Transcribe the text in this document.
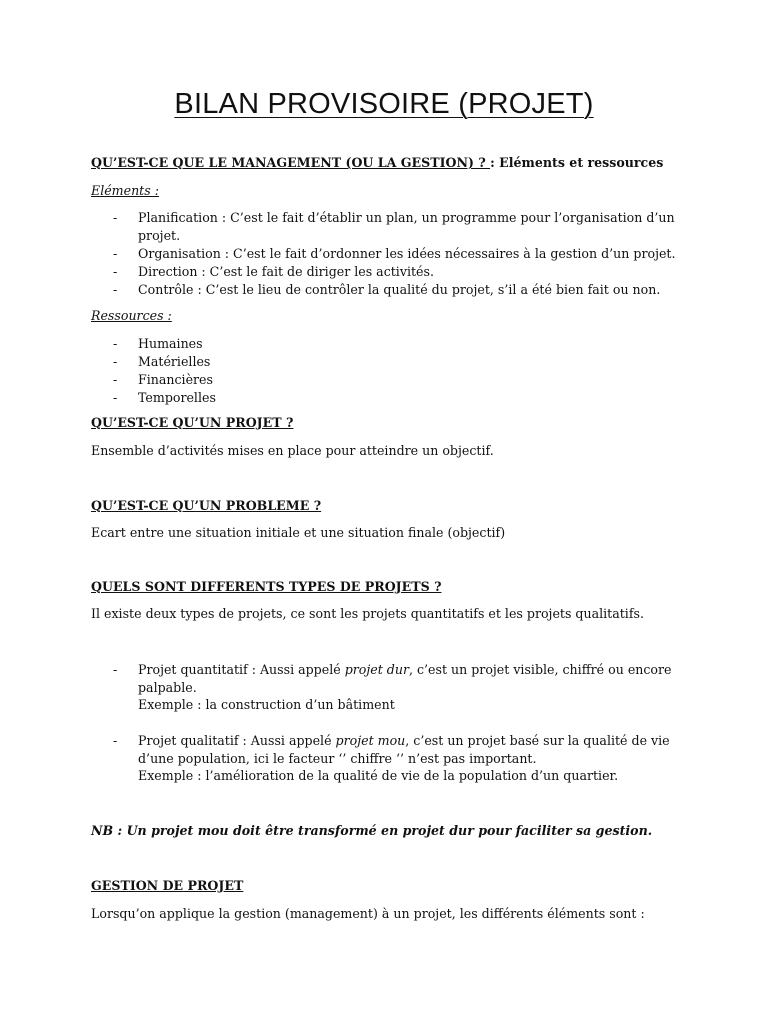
BILAN PROVISOIRE (PROJET)
QU’EST-CE QUE LE MANAGEMENT (OU LA GESTION) ? : Eléments et ressources
Eléments :
- Planification : C’est le fait d’établir un plan, un programme pour l’organisation d’un
projet.
- Organisation : C’est le fait d’ordonner les idées nécessaires à la gestion d’un projet.
- Direction : C’est le fait de diriger les activités.
- Contrôle : C’est le lieu de contrôler la qualité du projet, s’il a été bien fait ou non.
Ressources :
- Humaines
- Matérielles
- Financières
- Temporelles
QU’EST-CE QU’UN PROJET ?
Ensemble d’activités mises en place pour atteindre un objectif.
QU’EST-CE QU’UN PROBLEME ?
Ecart entre une situation initiale et une situation finale (objectif)
QUELS SONT DIFFERENTS TYPES DE PROJETS ?
Il existe deux types de projets, ce sont les projets quantitatifs et les projets qualitatifs.
- Projet quantitatif : Aussi appelé projet dur, c’est un projet visible, chiffré ou encore
palpable.
Exemple : la construction d’un bâtiment
- Projet qualitatif : Aussi appelé projet mou, c’est un projet basé sur la qualité de vie
d’une population, ici le facteur ‘’ chiffre ‘’ n’est pas important.
Exemple : l’amélioration de la qualité de vie de la population d’un quartier.
NB : Un projet mou doit être transformé en projet dur pour faciliter sa gestion.
GESTION DE PROJET
Lorsqu’on applique la gestion (management) à un projet, les différents éléments sont :
